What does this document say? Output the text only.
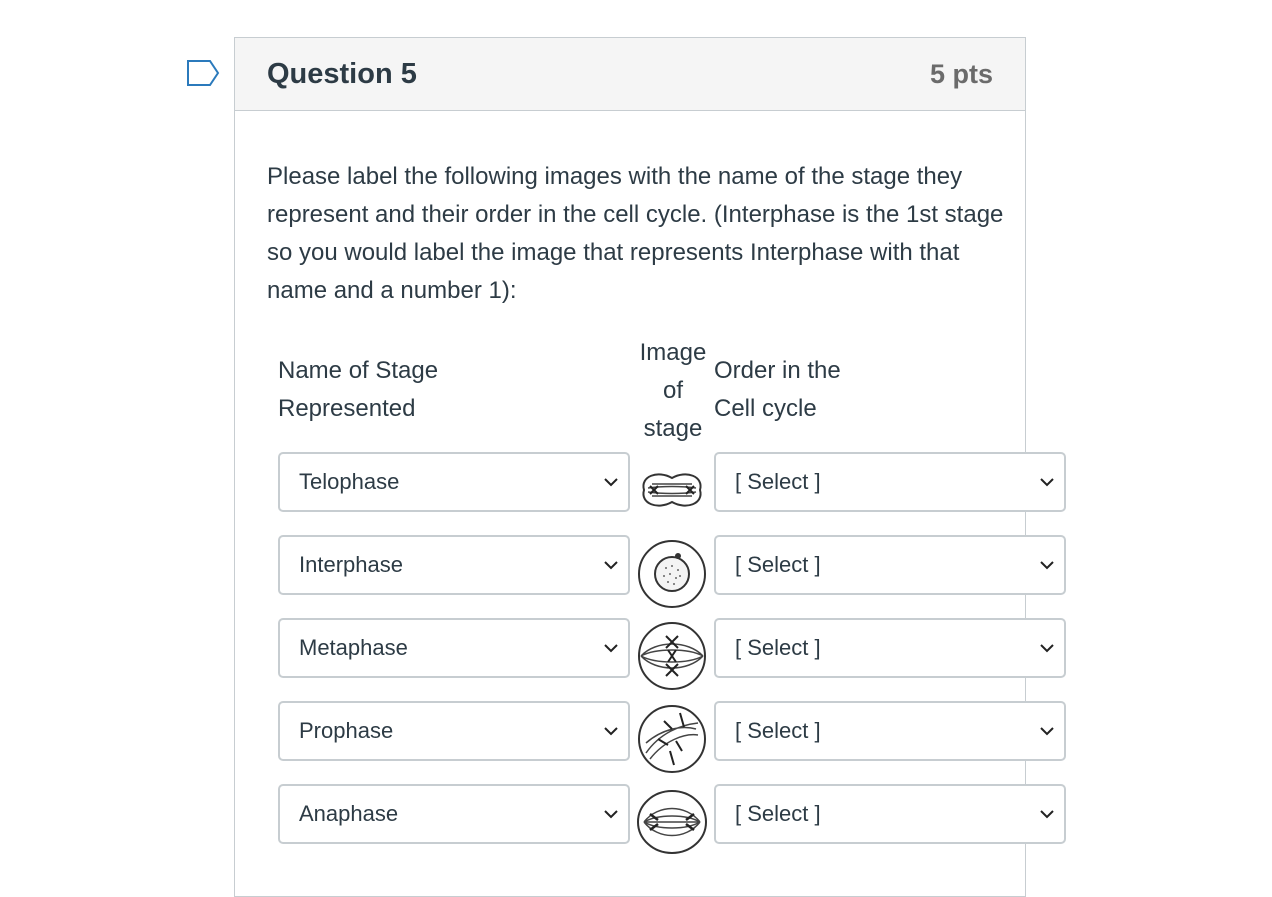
Question 5	5 pts
Please label the following images with the name of the stage they represent and their order in the cell cycle. (Interphase is the 1st stage so you would label the image that represents Interphase with that name and a number 1):
Name of Stage
Represented
Image
of
stage
Order in the
Cell cycle
Telophase	[ Select ]
Interphase	[ Select ]
Metaphase	[ Select ]
Prophase	[ Select ]
Anaphase	[ Select ]
